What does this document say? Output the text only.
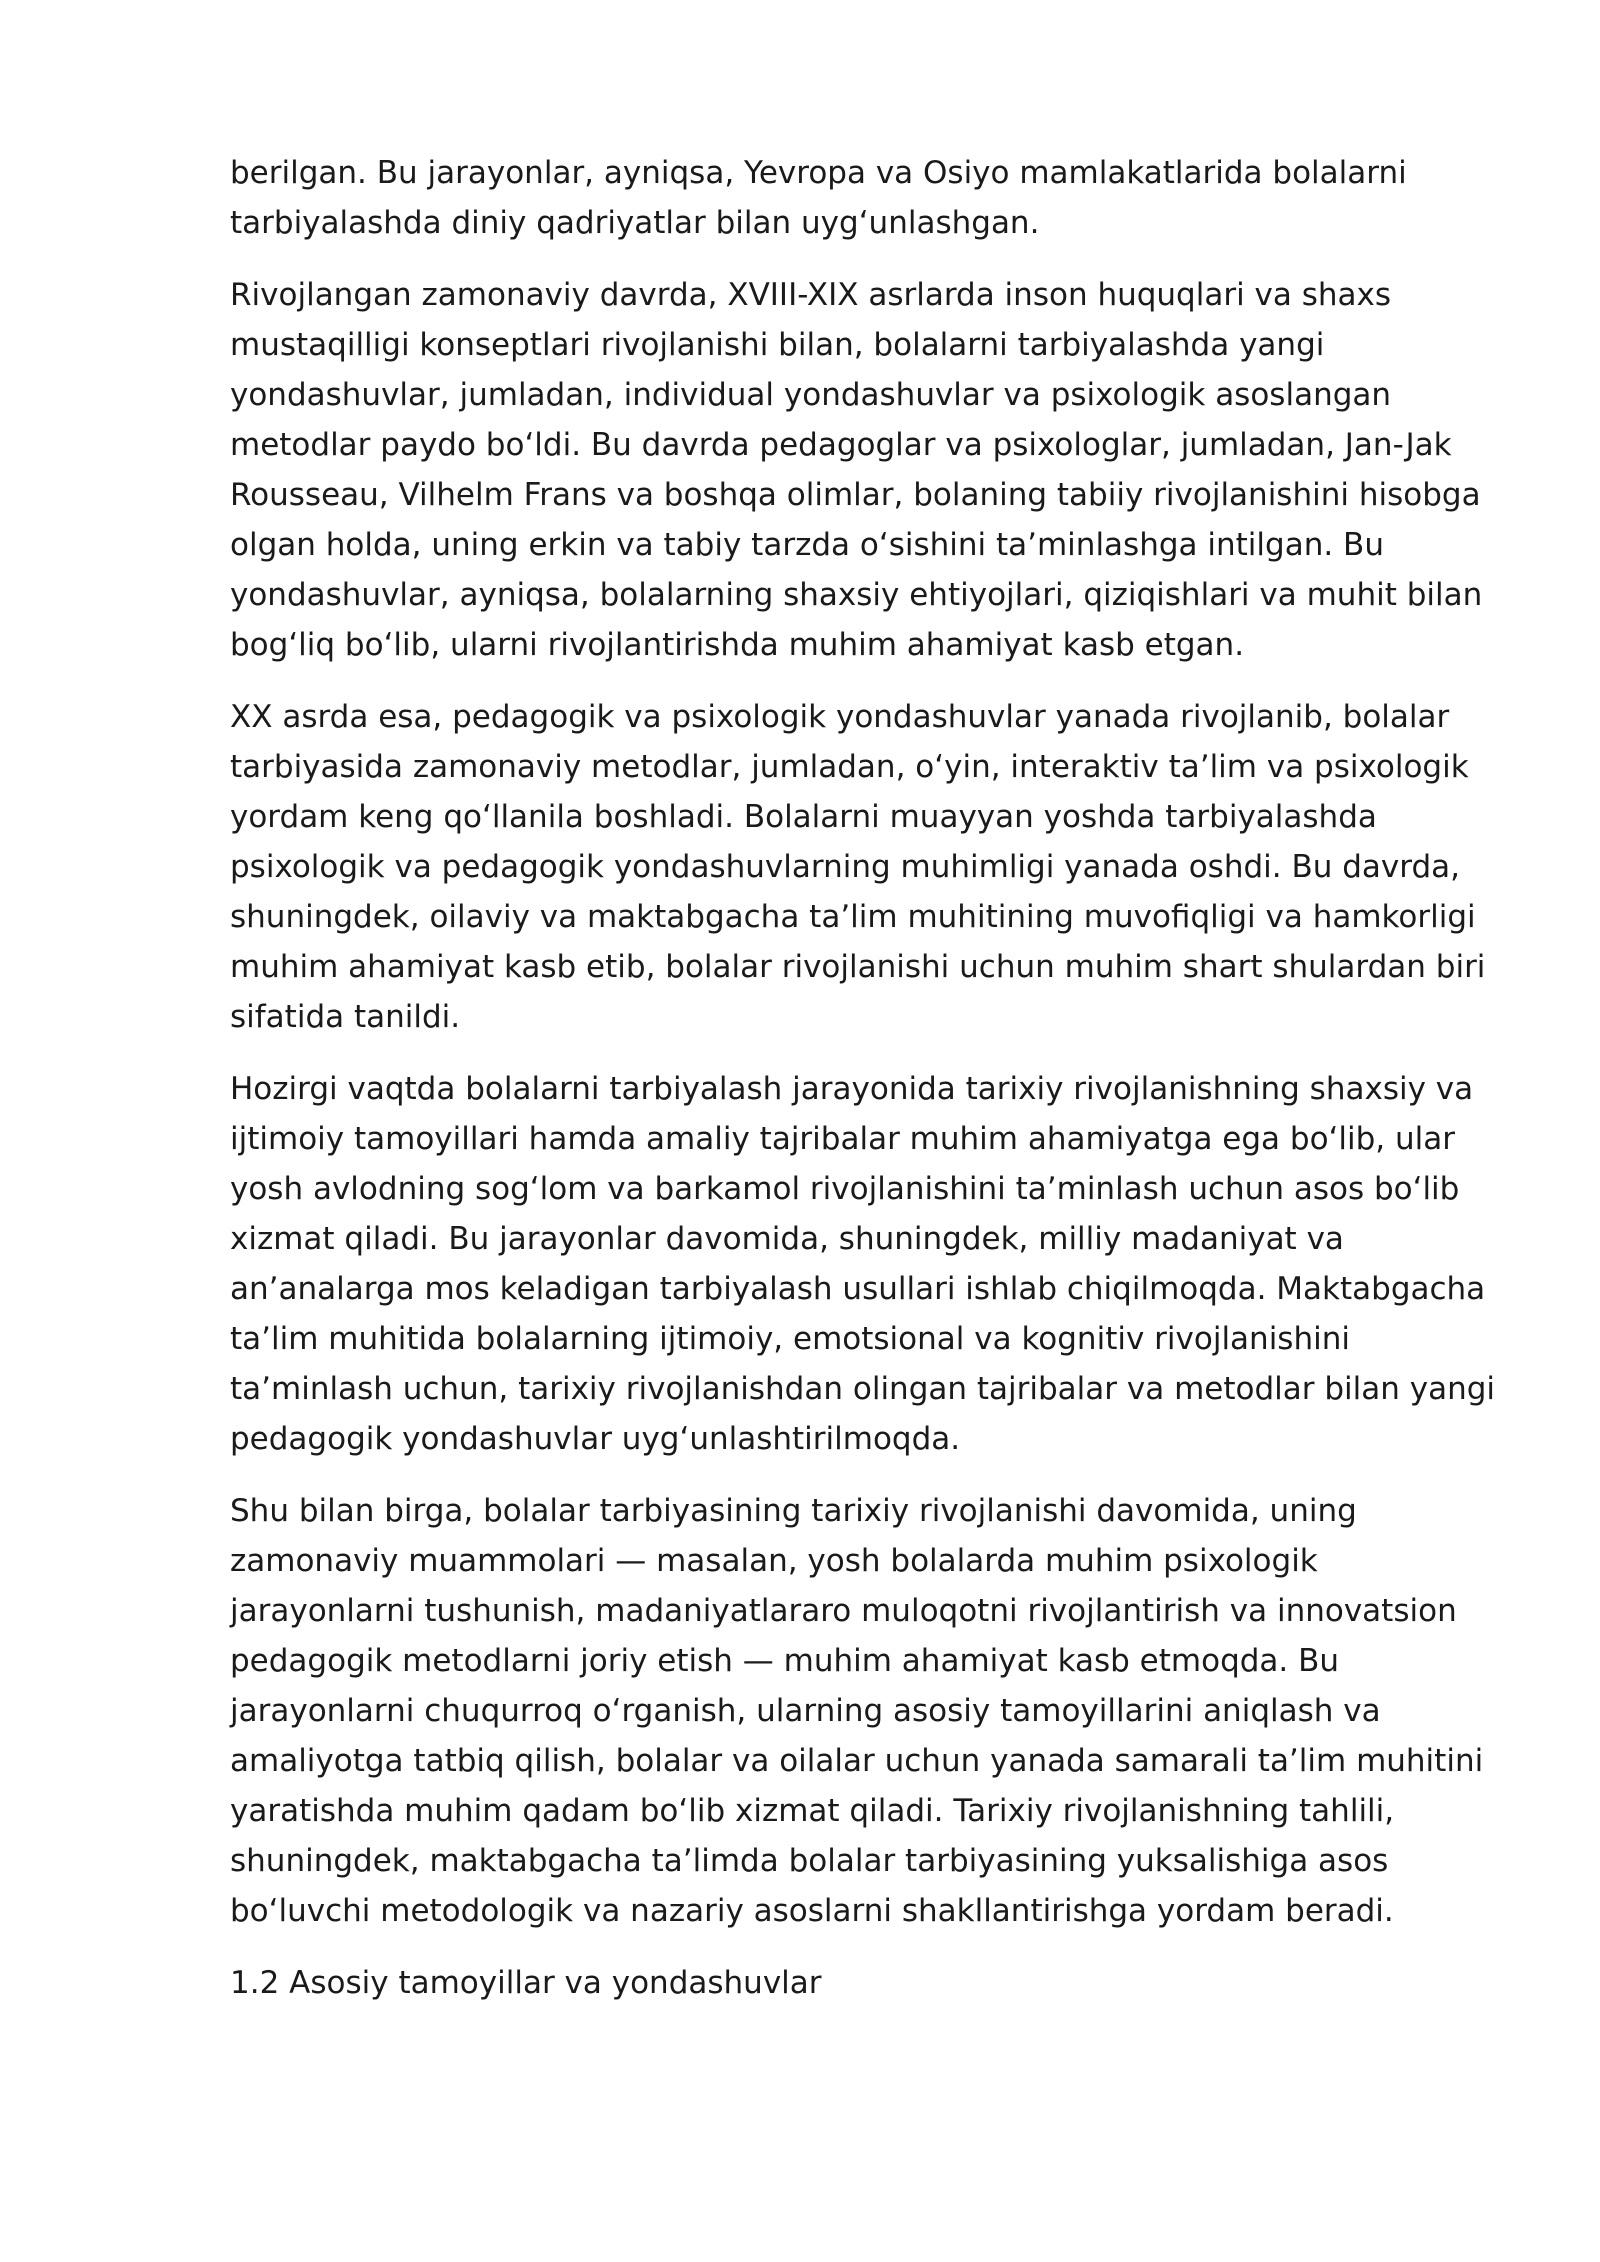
berilgan. Bu jarayonlar, ayniqsa, Yevropa va Osiyo mamlakatlarida bolalarni tarbiyalashda diniy qadriyatlar bilan uyg‘unlashgan.

Rivojlangan zamonaviy davrda, XVIII-XIX asrlarda inson huquqlari va shaxs mustaqilligi konseptlari rivojlanishi bilan, bolalarni tarbiyalashda yangi yondashuvlar, jumladan, individual yondashuvlar va psixologik asoslangan metodlar paydo bo‘ldi. Bu davrda pedagoglar va psixologlar, jumladan, Jan-Jak Rousseau, Vilhelm Frans va boshqa olimlar, bolaning tabiiy rivojlanishini hisobga olgan holda, uning erkin va tabiy tarzda o‘sishini ta’minlashga intilgan. Bu yondashuvlar, ayniqsa, bolalarning shaxsiy ehtiyojlari, qiziqishlari va muhit bilan bog‘liq bo‘lib, ularni rivojlantirishda muhim ahamiyat kasb etgan.

XX asrda esa, pedagogik va psixologik yondashuvlar yanada rivojlanib, bolalar tarbiyasida zamonaviy metodlar, jumladan, o‘yin, interaktiv ta’lim va psixologik yordam keng qo‘llanila boshladi. Bolalarni muayyan yoshda tarbiyalashda psixologik va pedagogik yondashuvlarning muhimligi yanada oshdi. Bu davrda, shuningdek, oilaviy va maktabgacha ta’lim muhitining muvofiqligi va hamkorligi muhim ahamiyat kasb etib, bolalar rivojlanishi uchun muhim shart shulardan biri sifatida tanildi.

Hozirgi vaqtda bolalarni tarbiyalash jarayonida tarixiy rivojlanishning shaxsiy va ijtimoiy tamoyillari hamda amaliy tajribalar muhim ahamiyatga ega bo‘lib, ular yosh avlodning sog‘lom va barkamol rivojlanishini ta’minlash uchun asos bo‘lib xizmat qiladi. Bu jarayonlar davomida, shuningdek, milliy madaniyat va an’analarga mos keladigan tarbiyalash usullari ishlab chiqilmoqda. Maktabgacha ta’lim muhitida bolalarning ijtimoiy, emotsional va kognitiv rivojlanishini ta’minlash uchun, tarixiy rivojlanishdan olingan tajribalar va metodlar bilan yangi pedagogik yondashuvlar uyg‘unlashtirilmoqda.

Shu bilan birga, bolalar tarbiyasining tarixiy rivojlanishi davomida, uning zamonaviy muammolari — masalan, yosh bolalarda muhim psixologik jarayonlarni tushunish, madaniyatlararo muloqotni rivojlantirish va innovatsion pedagogik metodlarni joriy etish — muhim ahamiyat kasb etmoqda. Bu jarayonlarni chuqurroq o‘rganish, ularning asosiy tamoyillarini aniqlash va amaliyotga tatbiq qilish, bolalar va oilalar uchun yanada samarali ta’lim muhitini yaratishda muhim qadam bo‘lib xizmat qiladi. Tarixiy rivojlanishning tahlili, shuningdek, maktabgacha ta’limda bolalar tarbiyasining yuksalishiga asos bo‘luvchi metodologik va nazariy asoslarni shakllantirishga yordam beradi.

1.2 Asosiy tamoyillar va yondashuvlar
